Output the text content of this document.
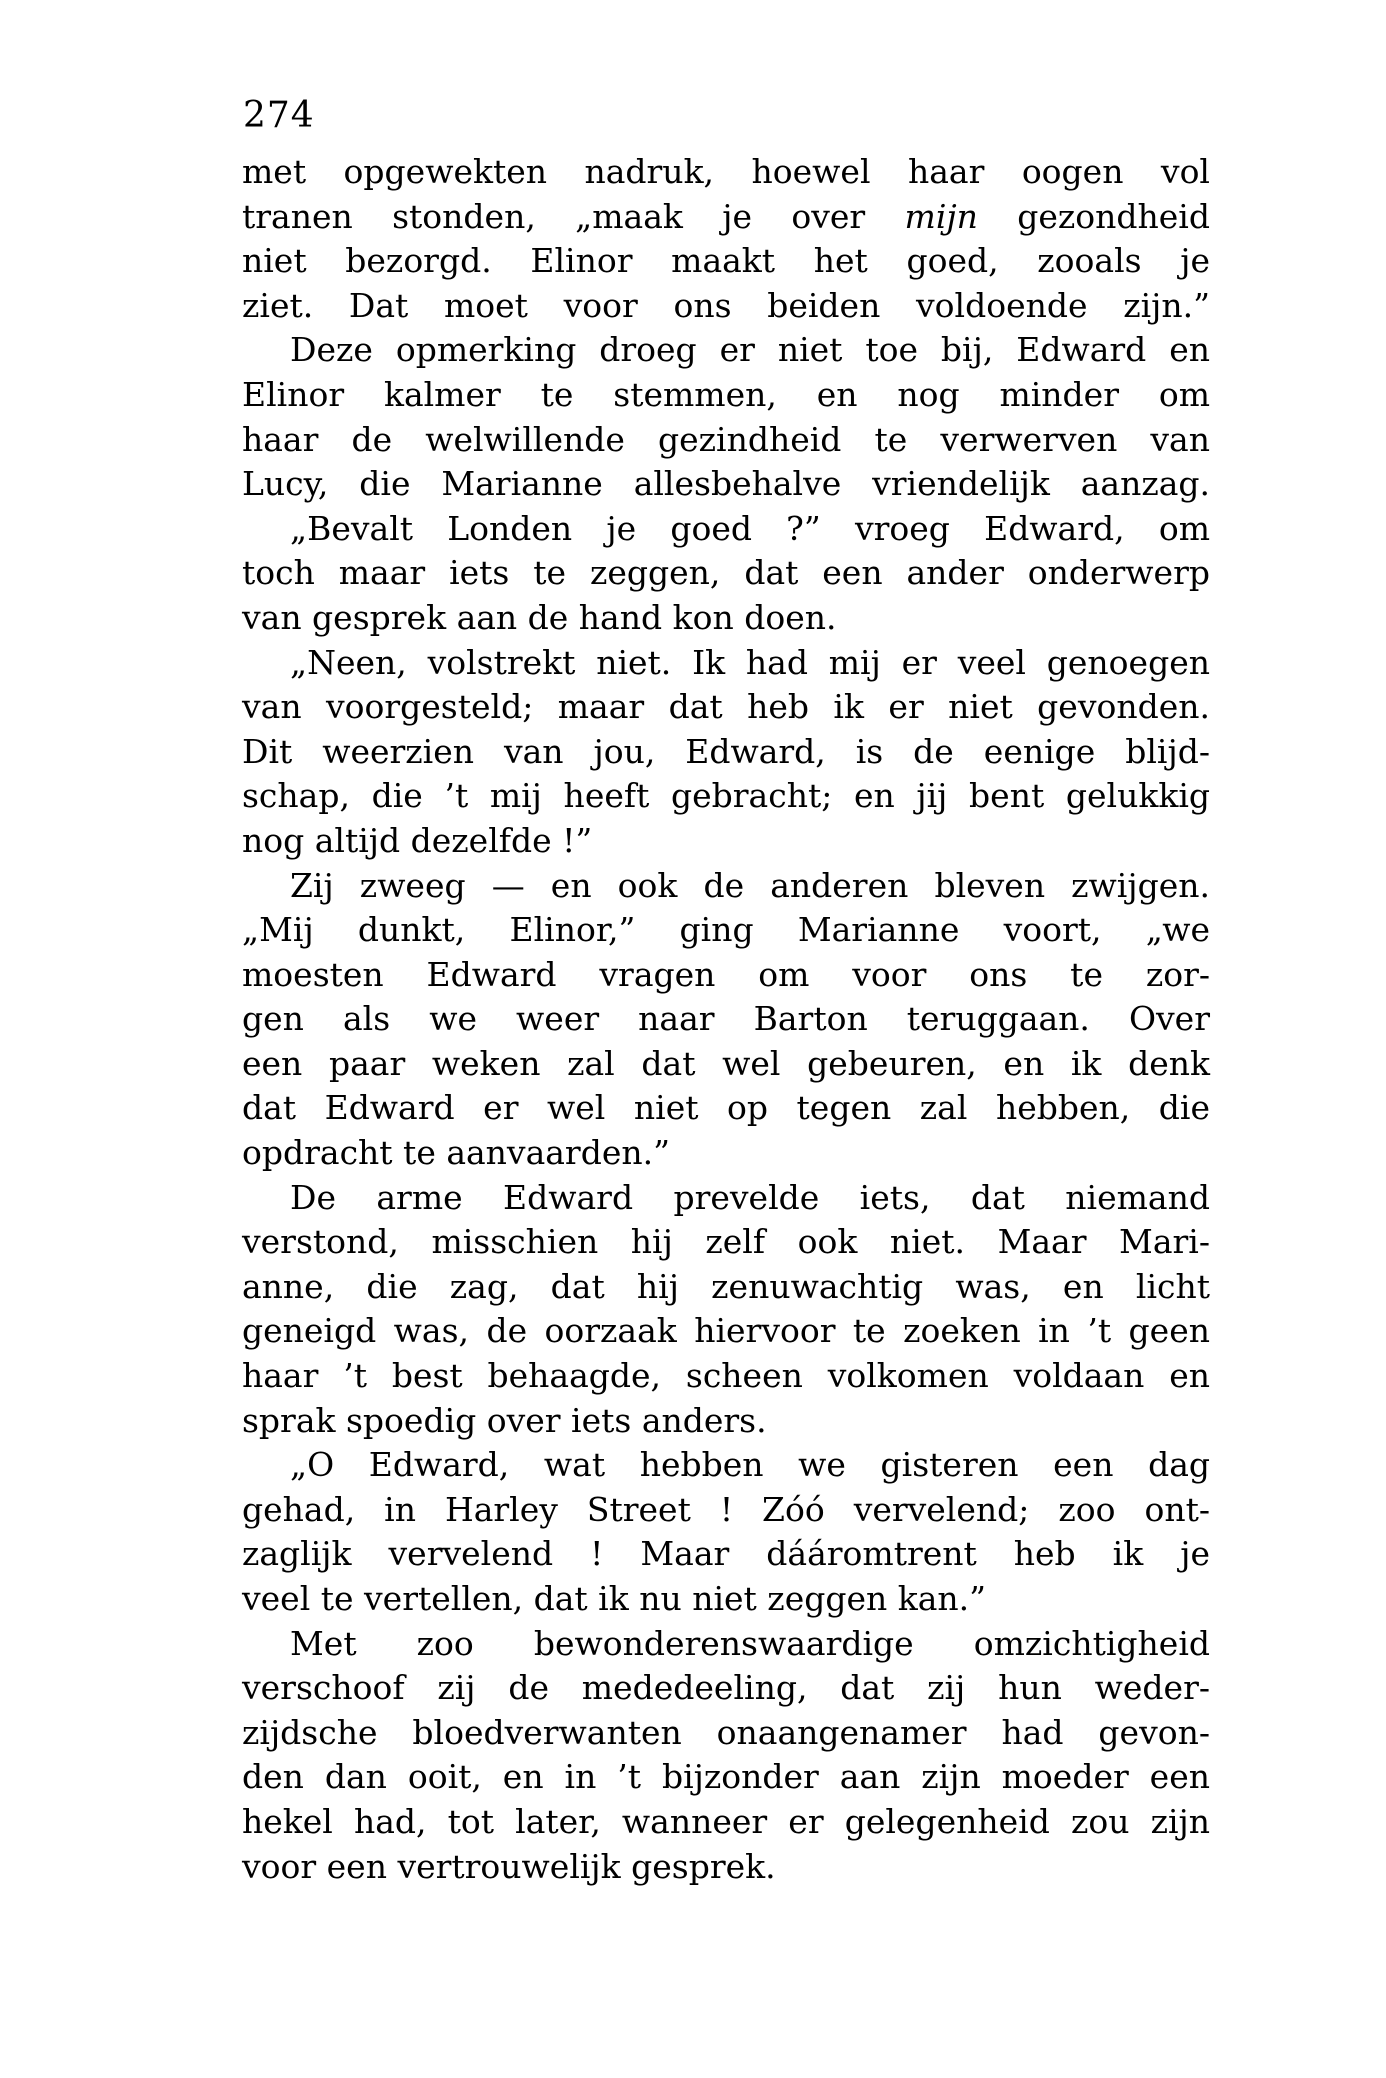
274
met opgewekten nadruk, hoewel haar oogen vol
tranen stonden, „maak je over mijn gezondheid
niet bezorgd. Elinor maakt het goed, zooals je
ziet. Dat moet voor ons beiden voldoende zijn.”
Deze opmerking droeg er niet toe bij, Edward en
Elinor kalmer te stemmen, en nog minder om
haar de welwillende gezindheid te verwerven van
Lucy, die Marianne allesbehalve vriendelijk aanzag.
„Bevalt Londen je goed ?” vroeg Edward, om
toch maar iets te zeggen, dat een ander onderwerp
van gesprek aan de hand kon doen.
„Neen, volstrekt niet. Ik had mij er veel genoegen
van voorgesteld; maar dat heb ik er niet gevonden.
Dit weerzien van jou, Edward, is de eenige blijd-
schap, die ’t mij heeft gebracht; en jij bent gelukkig
nog altijd dezelfde !”
Zij zweeg — en ook de anderen bleven zwijgen.
„Mij dunkt, Elinor,” ging Marianne voort, „we
moesten Edward vragen om voor ons te zor-
gen als we weer naar Barton teruggaan. Over
een paar weken zal dat wel gebeuren, en ik denk
dat Edward er wel niet op tegen zal hebben, die
opdracht te aanvaarden.”
De arme Edward prevelde iets, dat niemand
verstond, misschien hij zelf ook niet. Maar Mari-
anne, die zag, dat hij zenuwachtig was, en licht
geneigd was, de oorzaak hiervoor te zoeken in ’t geen
haar ’t best behaagde, scheen volkomen voldaan en
sprak spoedig over iets anders.
„O Edward, wat hebben we gisteren een dag
gehad, in Harley Street ! Zóó vervelend; zoo ont-
zaglijk vervelend ! Maar dááromtrent heb ik je
veel te vertellen, dat ik nu niet zeggen kan.”
Met zoo bewonderenswaardige omzichtigheid
verschoof zij de mededeeling, dat zij hun weder-
zijdsche bloedverwanten onaangenamer had gevon-
den dan ooit, en in ’t bijzonder aan zijn moeder een
hekel had, tot later, wanneer er gelegenheid zou zijn
voor een vertrouwelijk gesprek.
